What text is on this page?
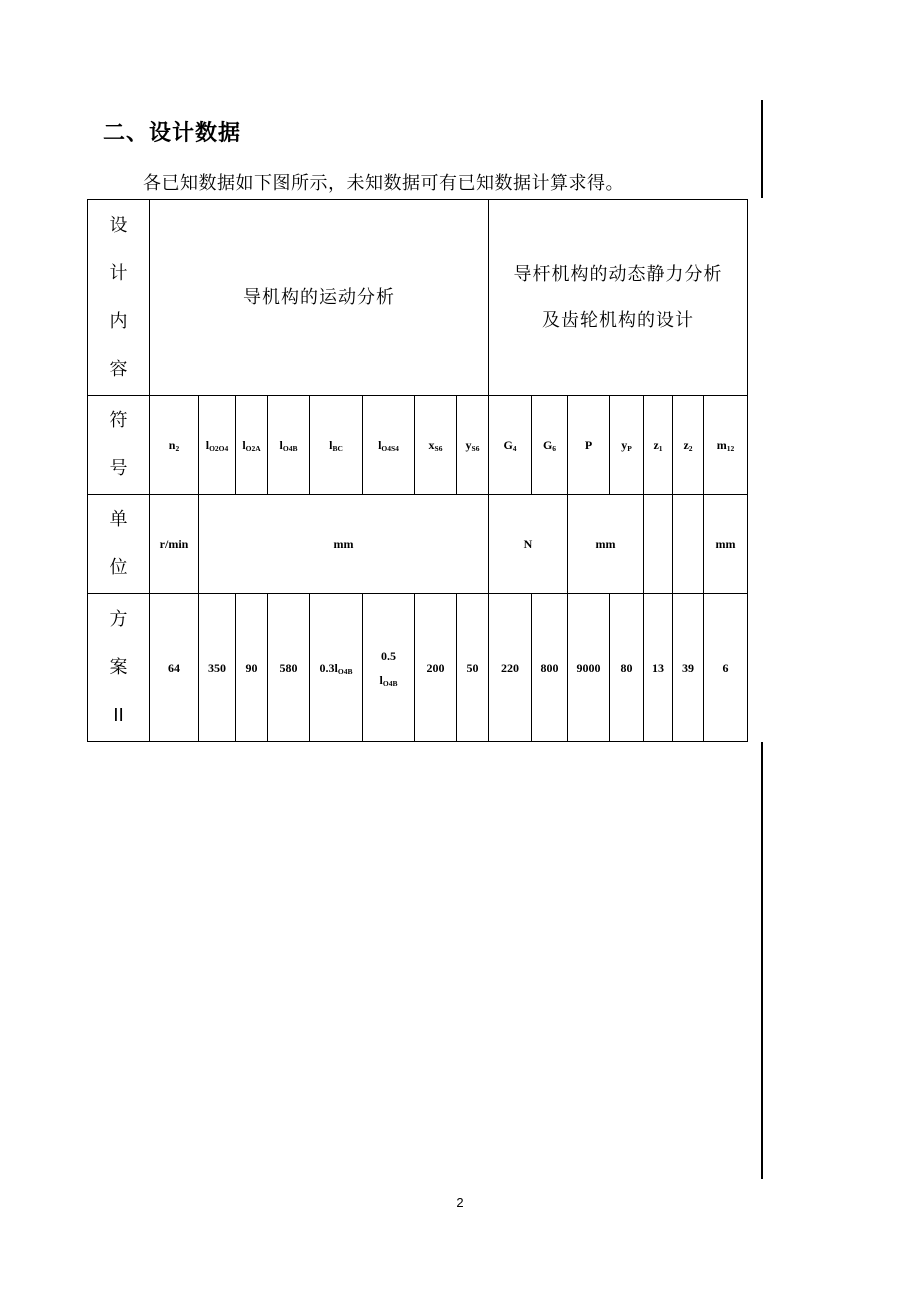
二、设计数据
各已知数据如下图所示，未知数据可有已知数据计算求得。
设计内容	导机构的运动分析								导杆机构的动态静力分析
及齿轮机构的设计						

符号	$n_2$	$l_{O2O4}$	$l_{O2A}$	$l_{O4B}$	$l_{BC}$	$l_{O4S4}$	$x_{S6}$	$y_{S6}$	$G_4$	$G_6$	P	$y_P$	$z_1$	$z_2$	$m_{12}$

单位	r/min	mm							N		mm				mm

方案II	64	350	90	580	$0.3l_{O4B}$	0.5
$l_{O4B}$	200	50	220	800	9000	80	13	39	6
2
